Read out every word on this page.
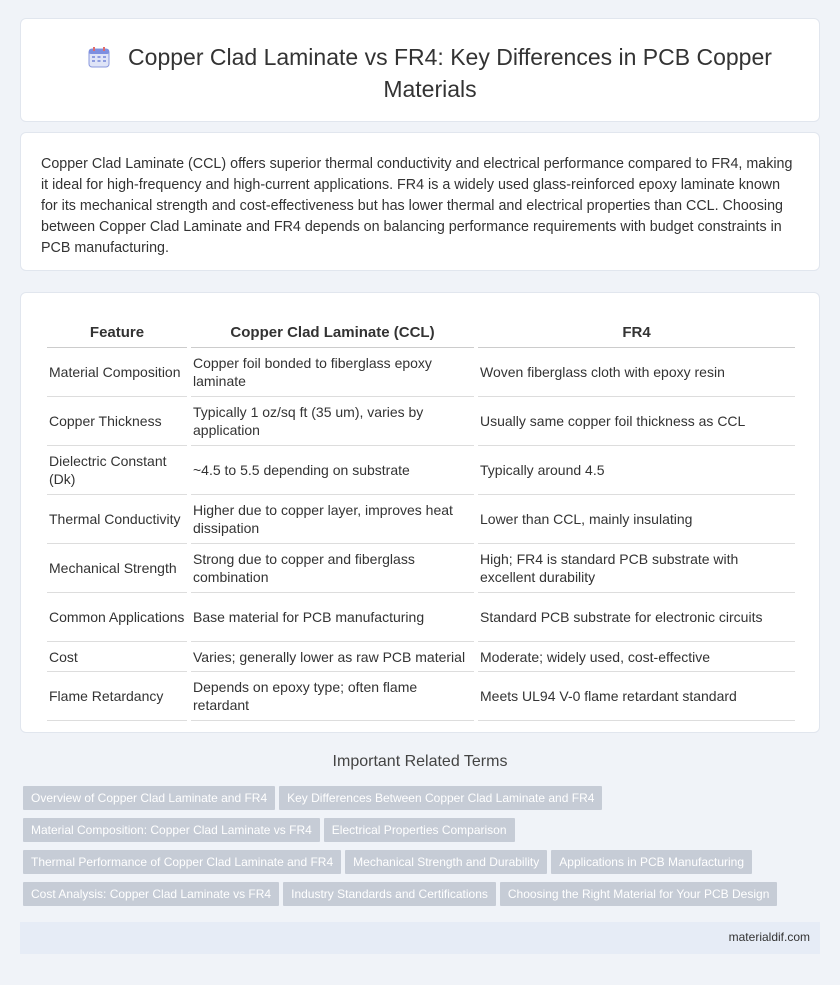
Copper Clad Laminate vs FR4: Key Differences in PCB Copper Materials

Copper Clad Laminate (CCL) offers superior thermal conductivity and electrical performance compared to FR4, making it ideal for high-frequency and high-current applications. FR4 is a widely used glass-reinforced epoxy laminate known for its mechanical strength and cost-effectiveness but has lower thermal and electrical properties than CCL. Choosing between Copper Clad Laminate and FR4 depends on balancing performance requirements with budget constraints in PCB manufacturing.

Feature	Copper Clad Laminate (CCL)	FR4
Material Composition	Copper foil bonded to fiberglass epoxy laminate	Woven fiberglass cloth with epoxy resin
Copper Thickness	Typically 1 oz/sq ft (35 um), varies by application	Usually same copper foil thickness as CCL
Dielectric Constant (Dk)	~4.5 to 5.5 depending on substrate	Typically around 4.5
Thermal Conductivity	Higher due to copper layer, improves heat dissipation	Lower than CCL, mainly insulating
Mechanical Strength	Strong due to copper and fiberglass combination	High; FR4 is standard PCB substrate with excellent durability
Common Applications	Base material for PCB manufacturing	Standard PCB substrate for electronic circuits
Cost	Varies; generally lower as raw PCB material	Moderate; widely used, cost-effective
Flame Retardancy	Depends on epoxy type; often flame retardant	Meets UL94 V-0 flame retardant standard
Important Related Terms
Overview of Copper Clad Laminate and FR4 Key Differences Between Copper Clad Laminate and FR4
Material Composition: Copper Clad Laminate vs FR4 Electrical Properties Comparison
Thermal Performance of Copper Clad Laminate and FR4 Mechanical Strength and Durability Applications in PCB Manufacturing
Cost Analysis: Copper Clad Laminate vs FR4 Industry Standards and Certifications Choosing the Right Material for Your PCB Design
materialdif.com
